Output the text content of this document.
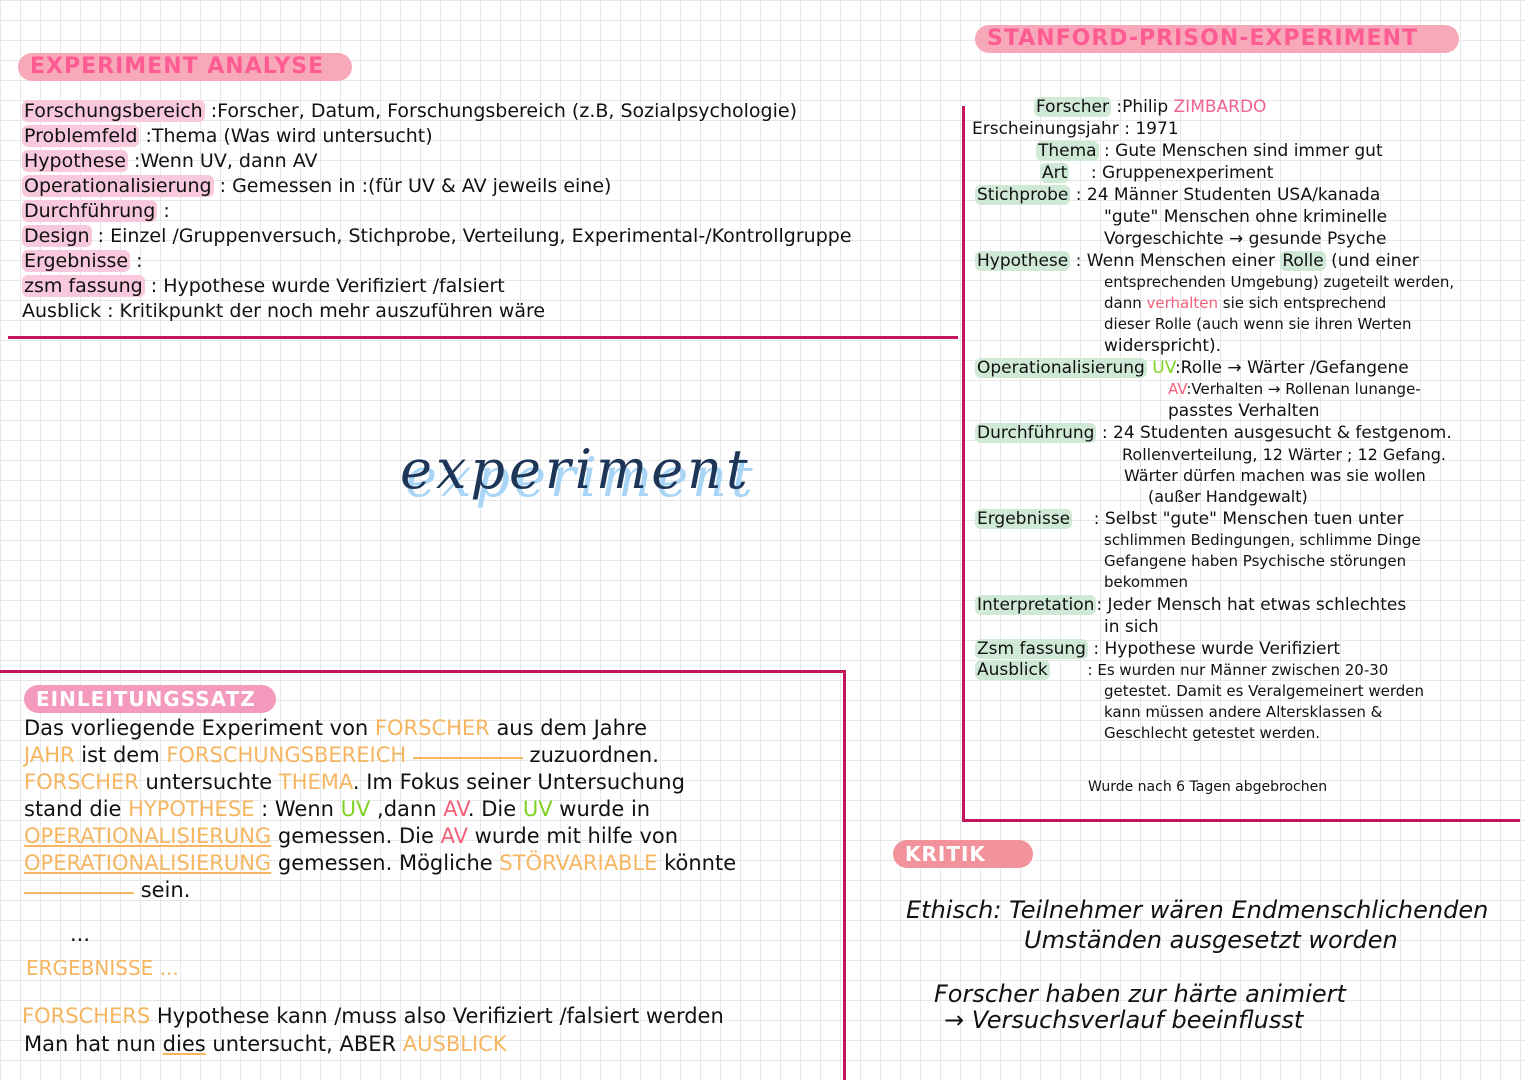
EXPERIMENT ANALYSE
Forschungsbereich :Forscher, Datum, Forschungsbereich (z.B, Sozialpsychologie)
Problemfeld :Thema (Was wird untersucht)
Hypothese :Wenn UV, dann AV
Operationalisierung : Gemessen in :(für UV & AV jeweils eine)
Durchführung :
Design : Einzel /Gruppenversuch, Stichprobe, Verteilung, Experimental-/Kontrollgruppe
Ergebnisse :
zsm fassung : Hypothese wurde Verifiziert /falsiert
Ausblick : Kritikpunkt der noch mehr auszuführen wäre
experiment
EINLEITUNGSSATZ
Das vorliegende Experiment von FORSCHER aus dem Jahre
JAHR ist dem FORSCHUNGSBEREICH	zuzuordnen.
FORSCHER untersuchte THEMA. Im Fokus seiner Untersuchung
stand die HYPOTHESE : Wenn UV ,dann AV. Die UV wurde in
OPERATIONALISIERUNG gemessen. Die AV wurde mit hilfe von
OPERATIONALISIERUNG gemessen. Mögliche STÖRVARIABLE könnte
sein.
...
ERGEBNISSE ...
FORSCHERS Hypothese kann /muss also Verifiziert /falsiert werden
Man hat nun dies untersucht, ABER AUSBLICK
STANFORD-PRISON-EXPERIMENT
Forscher :Philip ZIMBARDO
Erscheinungsjahr : 1971
Thema : Gute Menschen sind immer gut
Art : Gruppenexperiment
Stichprobe : 24 Männer Studenten USA/kanada
"gute" Menschen ohne kriminelle
Vorgeschichte → gesunde Psyche
Hypothese : Wenn Menschen einer Rolle (und einer
entsprechenden Umgebung) zugeteilt werden,
dann verhalten sie sich entsprechend
dieser Rolle (auch wenn sie ihren Werten
widerspricht).
Operationalisierung UV:Rolle → Wärter /Gefangene
AV:Verhalten → Rollenan lunange-
passtes Verhalten
Durchführung : 24 Studenten ausgesucht & festgenom.
Rollenverteilung, 12 Wärter ; 12 Gefang.
Wärter dürfen machen was sie wollen
(außer Handgewalt)
Ergebnisse : Selbst "gute" Menschen tuen unter
schlimmen Bedingungen, schlimme Dinge
Gefangene haben Psychische störungen
bekommen
Interpretation : Jeder Mensch hat etwas schlechtes
in sich
Zsm fassung : Hypothese wurde Verifiziert
Ausblick	: Es wurden nur Männer zwischen 20-30
getestet. Damit es Veralgemeinert werden
kann müssen andere Altersklassen &
Geschlecht getestet werden.
Wurde nach 6 Tagen abgebrochen
KRITIK
Ethisch: Teilnehmer wären Endmenschlichenden
Umständen ausgesetzt worden
Forscher haben zur härte animiert
→ Versuchsverlauf beeinflusst
